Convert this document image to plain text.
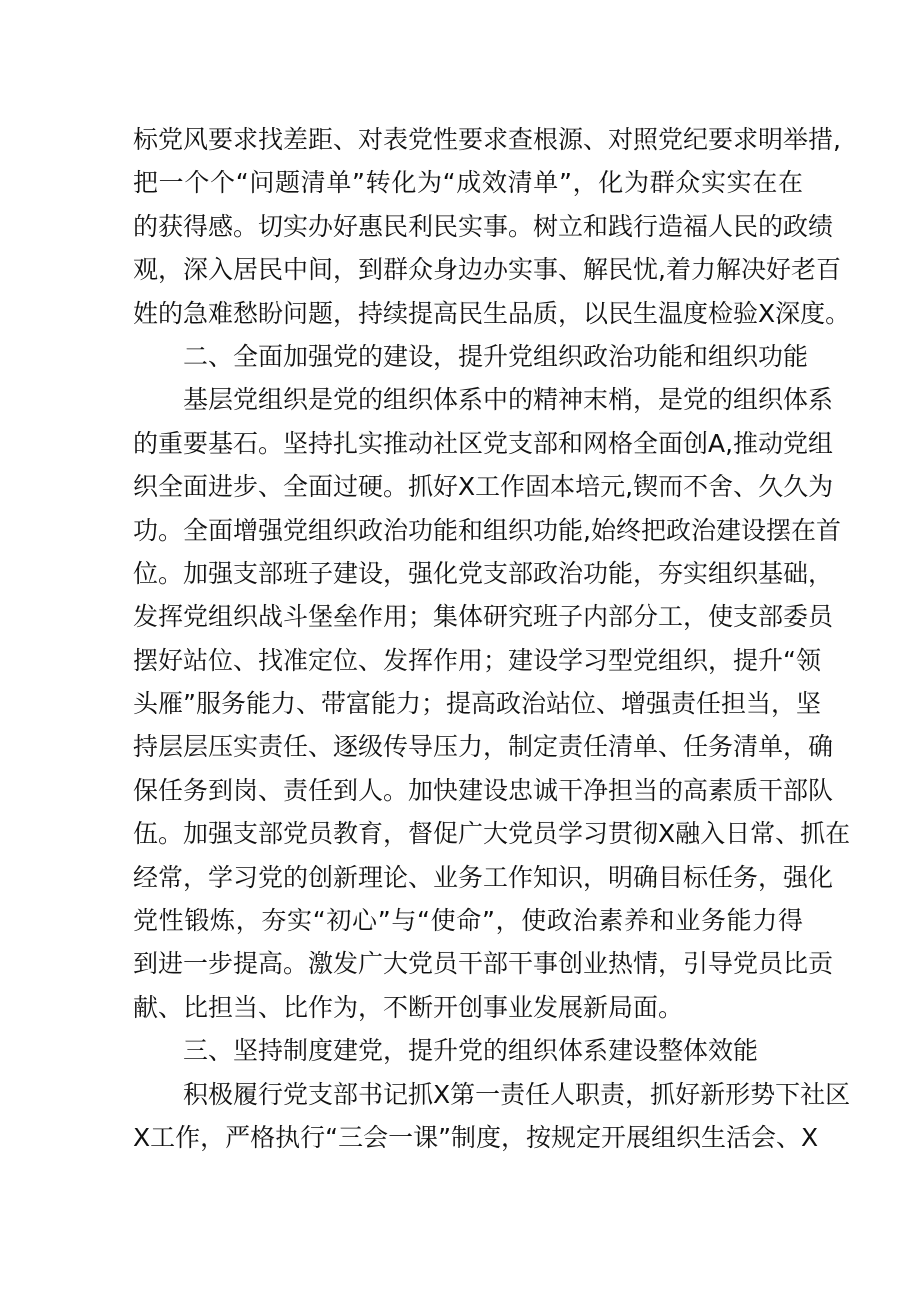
标党风要求找差距、对表党性要求查根源、对照党纪要求明举措,
把一个个“问题清单”转化为“成效清单”，化为群众实实在在
的获得感。切实办好惠民利民实事。树立和践行造福人民的政绩
观，深入居民中间，到群众身边办实事、解民忧,着力解决好老百
姓的急难愁盼问题，持续提高民生品质，以民生温度检验X深度。
二、全面加强党的建设，提升党组织政治功能和组织功能
基层党组织是党的组织体系中的精神末梢，是党的组织体系
的重要基石。坚持扎实推动社区党支部和网格全面创A,推动党组
织全面进步、全面过硬。抓好X工作固本培元,锲而不舍、久久为
功。全面增强党组织政治功能和组织功能,始终把政治建设摆在首
位。加强支部班子建设，强化党支部政治功能，夯实组织基础，
发挥党组织战斗堡垒作用；集体研究班子内部分工，使支部委员
摆好站位、找准定位、发挥作用；建设学习型党组织，提升“领
头雁”服务能力、带富能力；提高政治站位、增强责任担当，坚
持层层压实责任、逐级传导压力，制定责任清单、任务清单，确
保任务到岗、责任到人。加快建设忠诚干净担当的高素质干部队
伍。加强支部党员教育，督促广大党员学习贯彻X融入日常、抓在
经常，学习党的创新理论、业务工作知识，明确目标任务，强化
党性锻炼，夯实“初心”与“使命”，使政治素养和业务能力得
到进一步提高。激发广大党员干部干事创业热情，引导党员比贡
献、比担当、比作为，不断开创事业发展新局面。
三、坚持制度建党，提升党的组织体系建设整体效能
积极履行党支部书记抓X第一责任人职责，抓好新形势下社区
X工作，严格执行“三会一课”制度，按规定开展组织生活会、X
